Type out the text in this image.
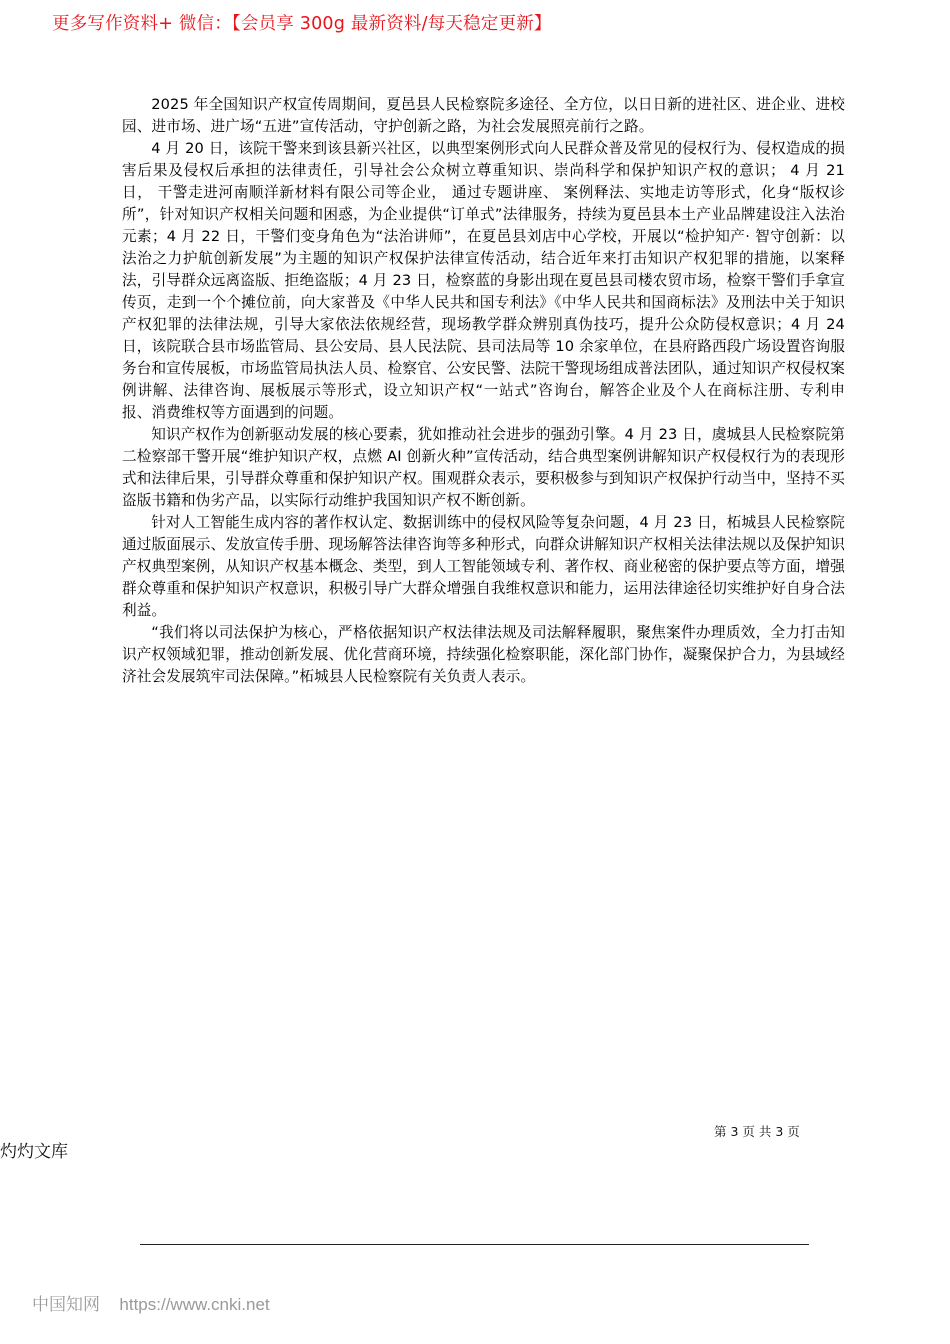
更多写作资料+ 微信：【会员享 300g 最新资料/每天稳定更新】

2025 年全国知识产权宣传周期间，夏邑县人民检察院多途径、全方位，以日日新的进社区、进企业、进校园、进市场、进广场“五进”宣传活动，守护创新之路，为社会发展照亮前行之路。

4 月 20 日，该院干警来到该县新兴社区，以典型案例形式向人民群众普及常见的侵权行为、侵权造成的损害后果及侵权后承担的法律责任，引导社会公众树立尊重知识、崇尚科学和保护知识产权的意识； 4 月 21 日， 干警走进河南顺洋新材料有限公司等企业， 通过专题讲座、 案例释法、实地走访等形式，化身“版权诊所”，针对知识产权相关问题和困惑，为企业提供“订单式”法律服务，持续为夏邑县本土产业品牌建设注入法治元素；4 月 22 日，干警们变身角色为“法治讲师”，在夏邑县刘店中心学校，开展以“检护知产· 智守创新：以法治之力护航创新发展”为主题的知识产权保护法律宣传活动，结合近年来打击知识产权犯罪的措施，以案释法，引导群众远离盗版、拒绝盗版；4 月 23 日，检察蓝的身影出现在夏邑县司楼农贸市场，检察干警们手拿宣传页，走到一个个摊位前，向大家普及《中华人民共和国专利法》《中华人民共和国商标法》及刑法中关于知识产权犯罪的法律法规，引导大家依法依规经营，现场教学群众辨别真伪技巧，提升公众防侵权意识；4 月 24 日，该院联合县市场监管局、县公安局、县人民法院、县司法局等 10 余家单位，在县府路西段广场设置咨询服务台和宣传展板，市场监管局执法人员、检察官、公安民警、法院干警现场组成普法团队，通过知识产权侵权案例讲解、法律咨询、展板展示等形式，设立知识产权“一站式”咨询台，解答企业及个人在商标注册、专利申报、消费维权等方面遇到的问题。

知识产权作为创新驱动发展的核心要素，犹如推动社会进步的强劲引擎。4 月 23 日，虞城县人民检察院第二检察部干警开展“维护知识产权，点燃 AI 创新火种”宣传活动，结合典型案例讲解知识产权侵权行为的表现形式和法律后果，引导群众尊重和保护知识产权。围观群众表示，要积极参与到知识产权保护行动当中，坚持不买盗版书籍和伪劣产品，以实际行动维护我国知识产权不断创新。

针对人工智能生成内容的著作权认定、数据训练中的侵权风险等复杂问题，4 月 23 日，柘城县人民检察院通过版面展示、发放宣传手册、现场解答法律咨询等多种形式，向群众讲解知识产权相关法律法规以及保护知识产权典型案例，从知识产权基本概念、类型，到人工智能领域专利、著作权、商业秘密的保护要点等方面，增强群众尊重和保护知识产权意识，积极引导广大群众增强自我维权意识和能力，运用法律途径切实维护好自身合法利益。

“我们将以司法保护为核心，严格依据知识产权法律法规及司法解释履职，聚焦案件办理质效，全力打击知识产权领域犯罪，推动创新发展、优化营商环境，持续强化检察职能，深化部门协作，凝聚保护合力，为县域经济社会发展筑牢司法保障。”柘城县人民检察院有关负责人表示。

第 3 页 共 3 页
灼灼文库
中国知网 https://www.cnki.net
